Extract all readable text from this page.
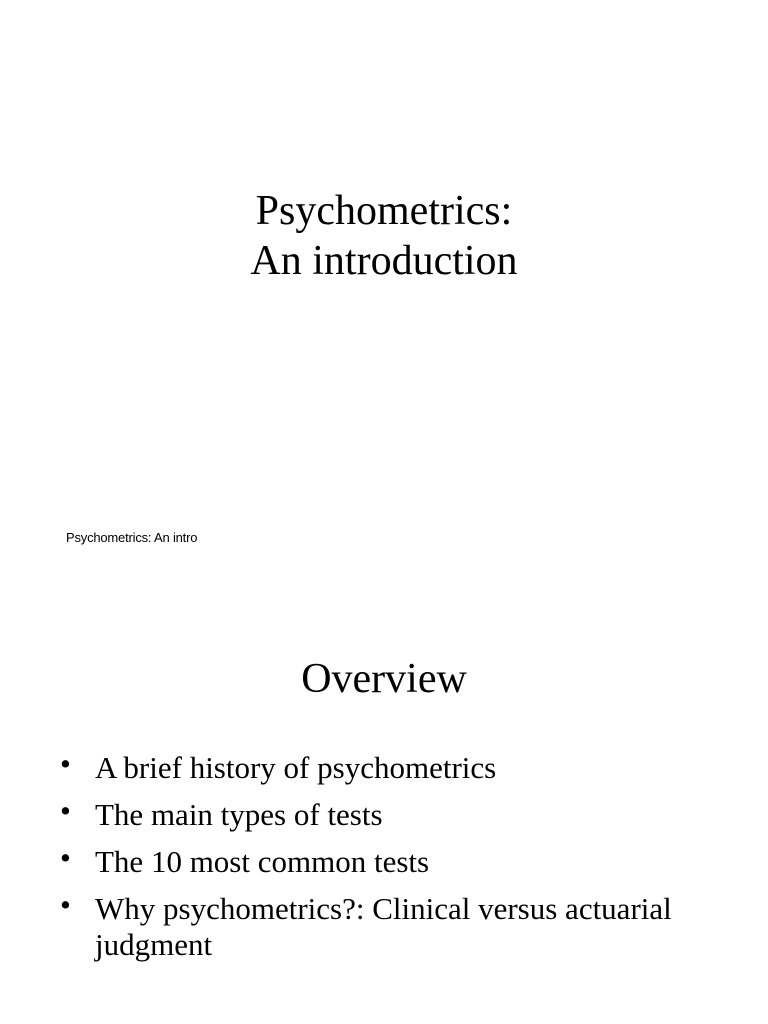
Psychometrics:
An introduction
Psychometrics: An intro
Overview
• A brief history of psychometrics
• The main types of tests
• The 10 most common tests
• Why psychometrics?: Clinical versus actuarial judgment
